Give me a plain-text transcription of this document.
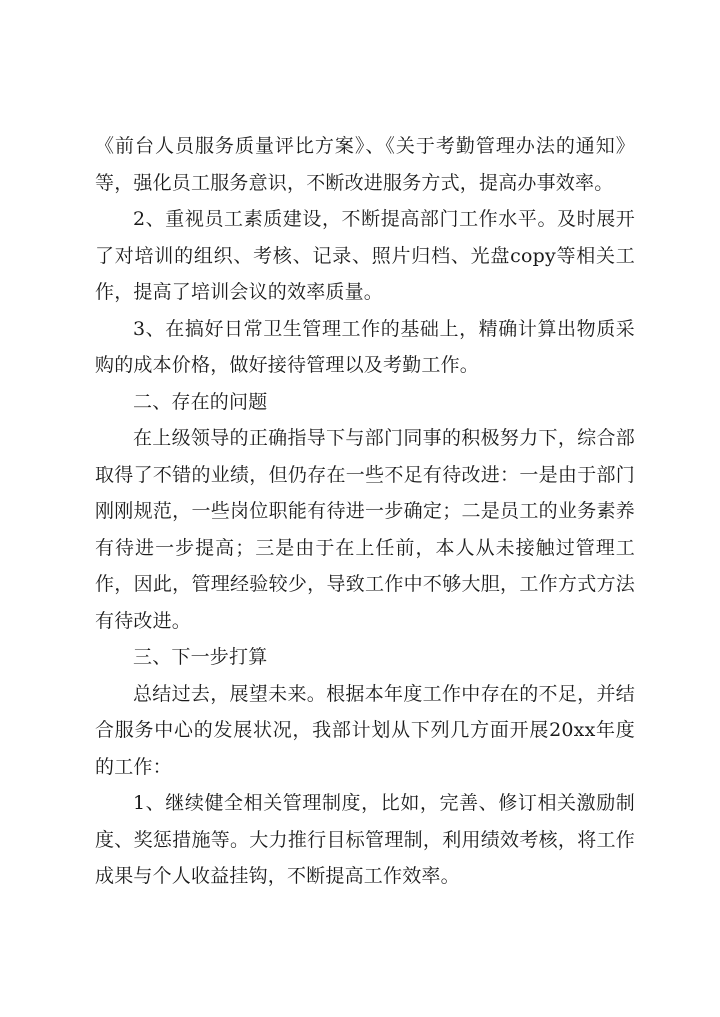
《前台人员服务质量评比方案》、《关于考勤管理办法的通知》等，强化员工服务意识，不断改进服务方式，提高办事效率。

2、重视员工素质建设，不断提高部门工作水平。及时展开了对培训的组织、考核、记录、照片归档、光盘copy等相关工作，提高了培训会议的效率质量。

3、在搞好日常卫生管理工作的基础上，精确计算出物质采购的成本价格，做好接待管理以及考勤工作。

二、存在的问题

在上级领导的正确指导下与部门同事的积极努力下，综合部取得了不错的业绩，但仍存在一些不足有待改进：一是由于部门刚刚规范，一些岗位职能有待进一步确定；二是员工的业务素养有待进一步提高；三是由于在上任前，本人从未接触过管理工作，因此，管理经验较少，导致工作中不够大胆，工作方式方法有待改进。

三、下一步打算

总结过去，展望未来。根据本年度工作中存在的不足，并结合服务中心的发展状况，我部计划从下列几方面开展20xx年度的工作：

1、继续健全相关管理制度，比如，完善、修订相关激励制度、奖惩措施等。大力推行目标管理制，利用绩效考核，将工作成果与个人收益挂钩，不断提高工作效率。
